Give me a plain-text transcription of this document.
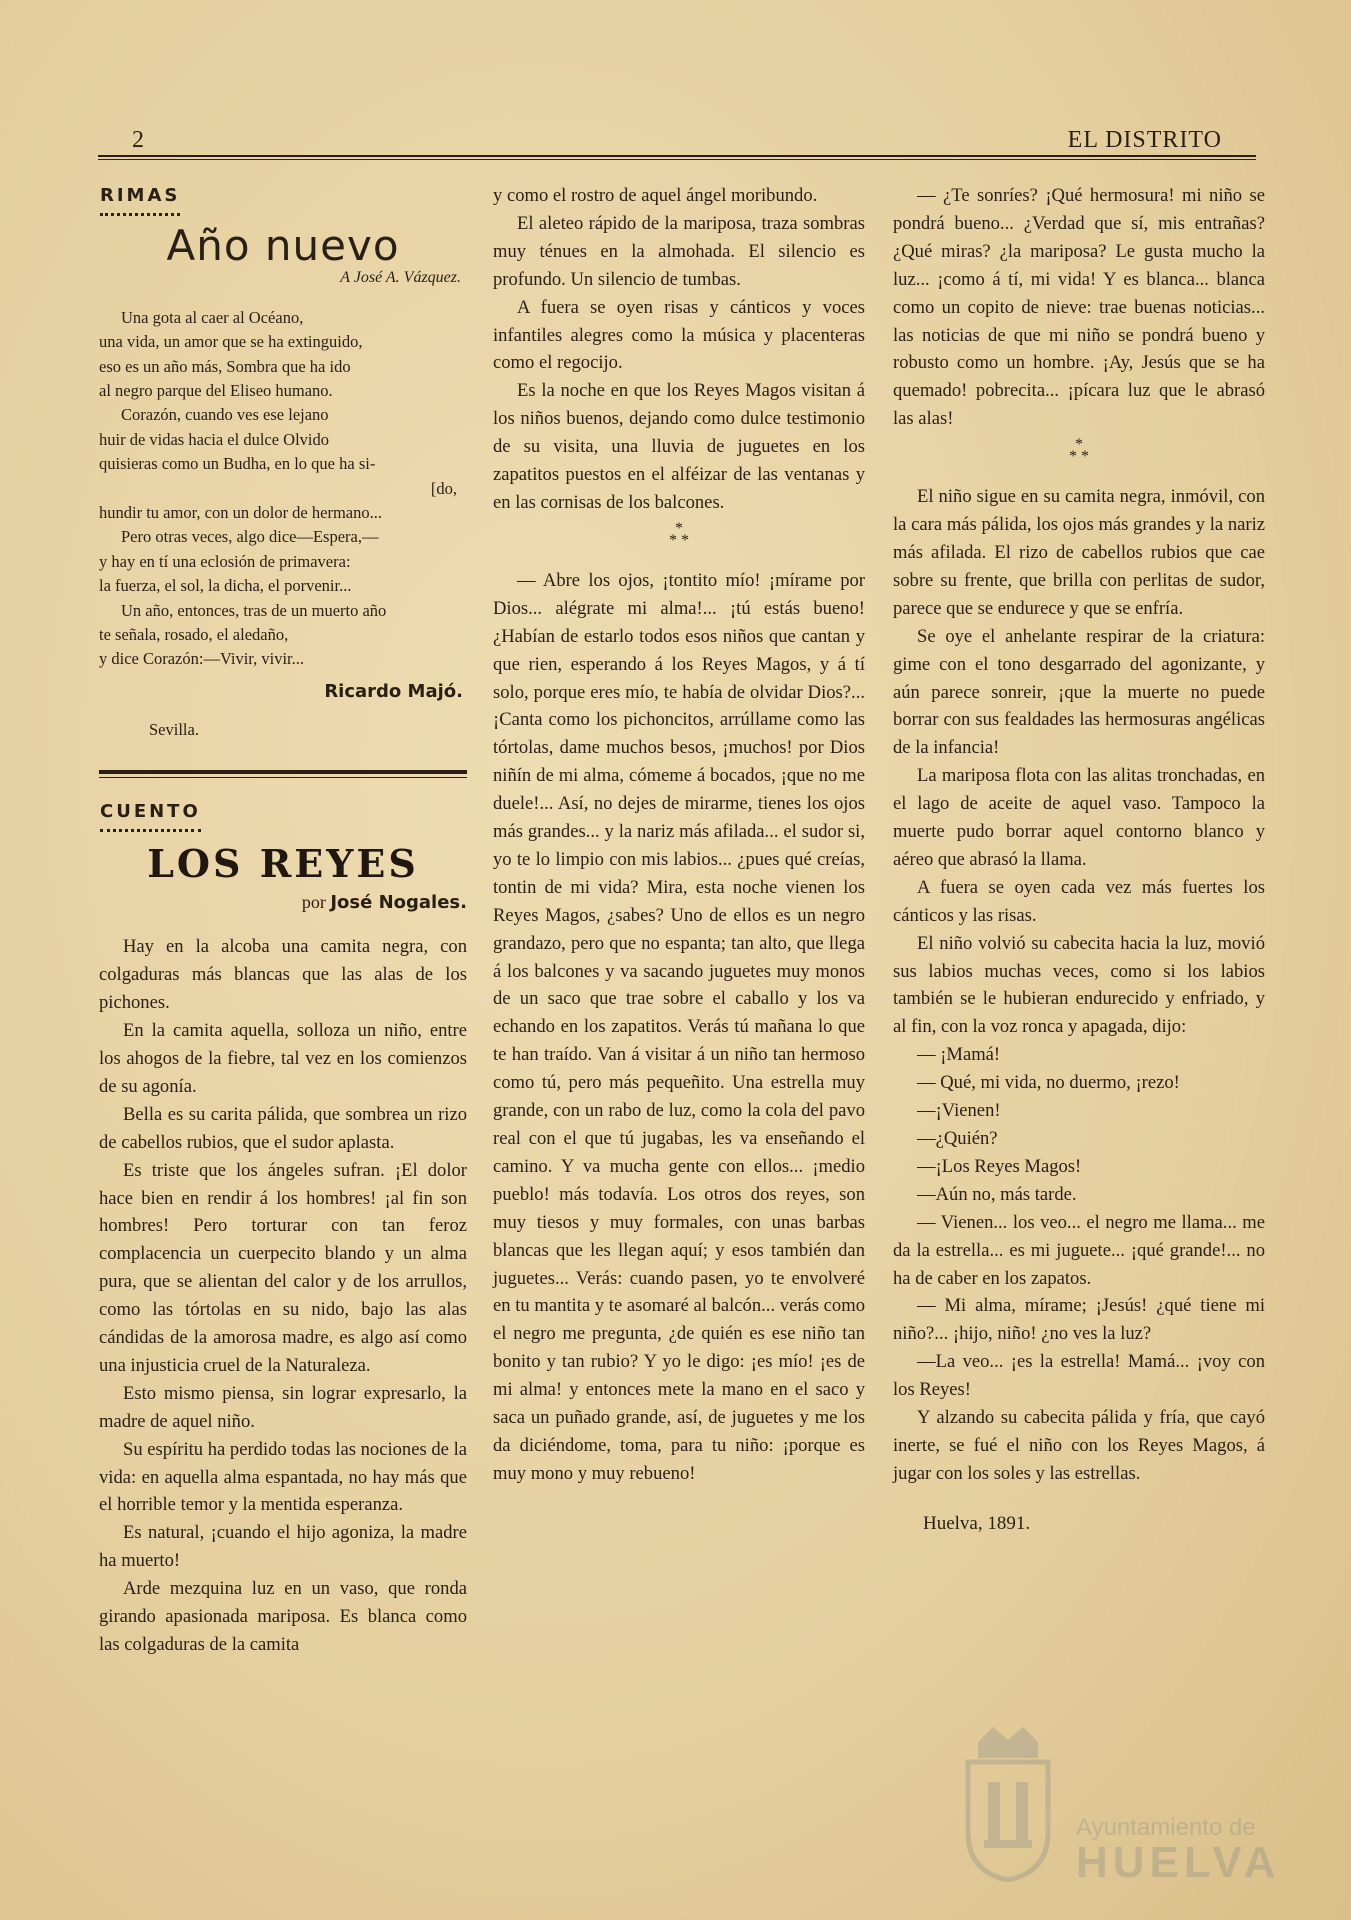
2	EL DISTRITO
RIMAS
Año nuevo
A José A. Vázquez.
Una gota al caer al Océano,
una vida, un amor que se ha extinguido,
eso es un año más, Sombra que ha ido
al negro parque del Eliseo humano.
Corazón, cuando ves ese lejano
huir de vidas hacia el dulce Olvido
quisieras como un Budha, en lo que ha si-
[do,
hundir tu amor, con un dolor de hermano...
Pero otras veces, algo dice—Espera,—
y hay en tí una eclosión de primavera:
la fuerza, el sol, la dicha, el porvenir...
Un año, entonces, tras de un muerto año
te señala, rosado, el aledaño,
y dice Corazón:—Vivir, vivir...
Ricardo Majó.
Sevilla.
CUENTO
LOS REYES
por José Nogales.

Hay en la alcoba una camita negra, con colgaduras más blancas que las alas de los pichones.

En la camita aquella, solloza un niño, entre los ahogos de la fiebre, tal vez en los comienzos de su agonía.

Bella es su carita pálida, que sombrea un rizo de cabellos rubios, que el sudor aplasta.

Es triste que los ángeles sufran. ¡El dolor hace bien en rendir á los hombres! ¡al fin son hombres! Pero torturar con tan feroz complacencia un cuerpecito blando y un alma pura, que se alientan del calor y de los arrullos, como las tórtolas en su nido, bajo las alas cándidas de la amorosa madre, es algo así como una injusticia cruel de la Naturaleza.

Esto mismo piensa, sin lograr expresarlo, la madre de aquel niño.

Su espíritu ha perdido todas las nociones de la vida: en aquella alma espantada, no hay más que el horrible temor y la mentida esperanza.

Es natural, ¡cuando el hijo agoniza, la madre ha muerto!

Arde mezquina luz en un vaso, que ronda girando apasionada mariposa. Es blanca como las colgaduras de la camita

y como el rostro de aquel ángel moribundo.

El aleteo rápido de la mariposa, traza sombras muy ténues en la almohada. El silencio es profundo. Un silencio de tumbas.

A fuera se oyen risas y cánticos y voces infantiles alegres como la música y placenteras como el regocijo.

Es la noche en que los Reyes Magos visitan á los niños buenos, dejando como dulce testimonio de su visita, una lluvia de juguetes en los zapatitos puestos en el alféizar de las ventanas y en las cornisas de los balcones.

*
* *

— Abre los ojos, ¡tontito mío! ¡mírame por Dios... alégrate mi alma!... ¡tú estás bueno! ¿Habían de estarlo todos esos niños que cantan y que rien, esperando á los Reyes Magos, y á tí solo, porque eres mío, te había de olvidar Dios?... ¡Canta como los pichoncitos, arrúllame como las tórtolas, dame muchos besos, ¡muchos! por Dios niñín de mi alma, cómeme á bocados, ¡que no me duele!... Así, no dejes de mirarme, tienes los ojos más grandes... y la nariz más afilada... el sudor si, yo te lo limpio con mis labios... ¿pues qué creías, tontin de mi vida? Mira, esta noche vienen los Reyes Magos, ¿sabes? Uno de ellos es un negro grandazo, pero que no espanta; tan alto, que llega á los balcones y va sacando juguetes muy monos de un saco que trae sobre el caballo y los va echando en los zapatitos. Verás tú mañana lo que te han traído. Van á visitar á un niño tan hermoso como tú, pero más pequeñito. Una estrella muy grande, con un rabo de luz, como la cola del pavo real con el que tú jugabas, les va enseñando el camino. Y va mucha gente con ellos... ¡medio pueblo! más todavía. Los otros dos reyes, son muy tiesos y muy formales, con unas barbas blancas que les llegan aquí; y esos también dan juguetes... Verás: cuando pasen, yo te envolveré en tu mantita y te asomaré al balcón... verás como el negro me pregunta, ¿de quién es ese niño tan bonito y tan rubio? Y yo le digo: ¡es mío! ¡es de mi alma! y entonces mete la mano en el saco y saca un puñado grande, así, de juguetes y me los da diciéndome, toma, para tu niño: ¡porque es muy mono y muy rebueno!

— ¿Te sonríes? ¡Qué hermosura! mi niño se pondrá bueno... ¿Verdad que sí, mis entrañas? ¿Qué miras? ¿la mariposa? Le gusta mucho la luz... ¡como á tí, mi vida! Y es blanca... blanca como un copito de nieve: trae buenas noticias... las noticias de que mi niño se pondrá bueno y robusto como un hombre. ¡Ay, Jesús que se ha quemado! pobrecita... ¡pícara luz que le abrasó las alas!

*
* *

El niño sigue en su camita negra, inmóvil, con la cara más pálida, los ojos más grandes y la nariz más afilada. El rizo de cabellos rubios que cae sobre su frente, que brilla con perlitas de sudor, parece que se endurece y que se enfría.

Se oye el anhelante respirar de la criatura: gime con el tono desgarrado del agonizante, y aún parece sonreir, ¡que la muerte no puede borrar con sus fealdades las hermosuras angélicas de la infancia!

La mariposa flota con las alitas tronchadas, en el lago de aceite de aquel vaso. Tampoco la muerte pudo borrar aquel contorno blanco y aéreo que abrasó la llama.

A fuera se oyen cada vez más fuertes los cánticos y las risas.

El niño volvió su cabecita hacia la luz, movió sus labios muchas veces, como si los labios también se le hubieran endurecido y enfriado, y al fin, con la voz ronca y apagada, dijo:

— ¡Mamá!

— Qué, mi vida, no duermo, ¡rezo!

—¡Vienen!

—¿Quién?

—¡Los Reyes Magos!

—Aún no, más tarde.

— Vienen... los veo... el negro me llama... me da la estrella... es mi juguete... ¡qué grande!... no ha de caber en los zapatos.

— Mi alma, mírame; ¡Jesús! ¿qué tiene mi niño?... ¡hijo, niño! ¿no ves la luz?

—La veo... ¡es la estrella! Mamá... ¡voy con los Reyes!

Y alzando su cabecita pálida y fría, que cayó inerte, se fué el niño con los Reyes Magos, á jugar con los soles y las estrellas.

Huelva, 1891.
Ayuntamiento de
HUELVA
